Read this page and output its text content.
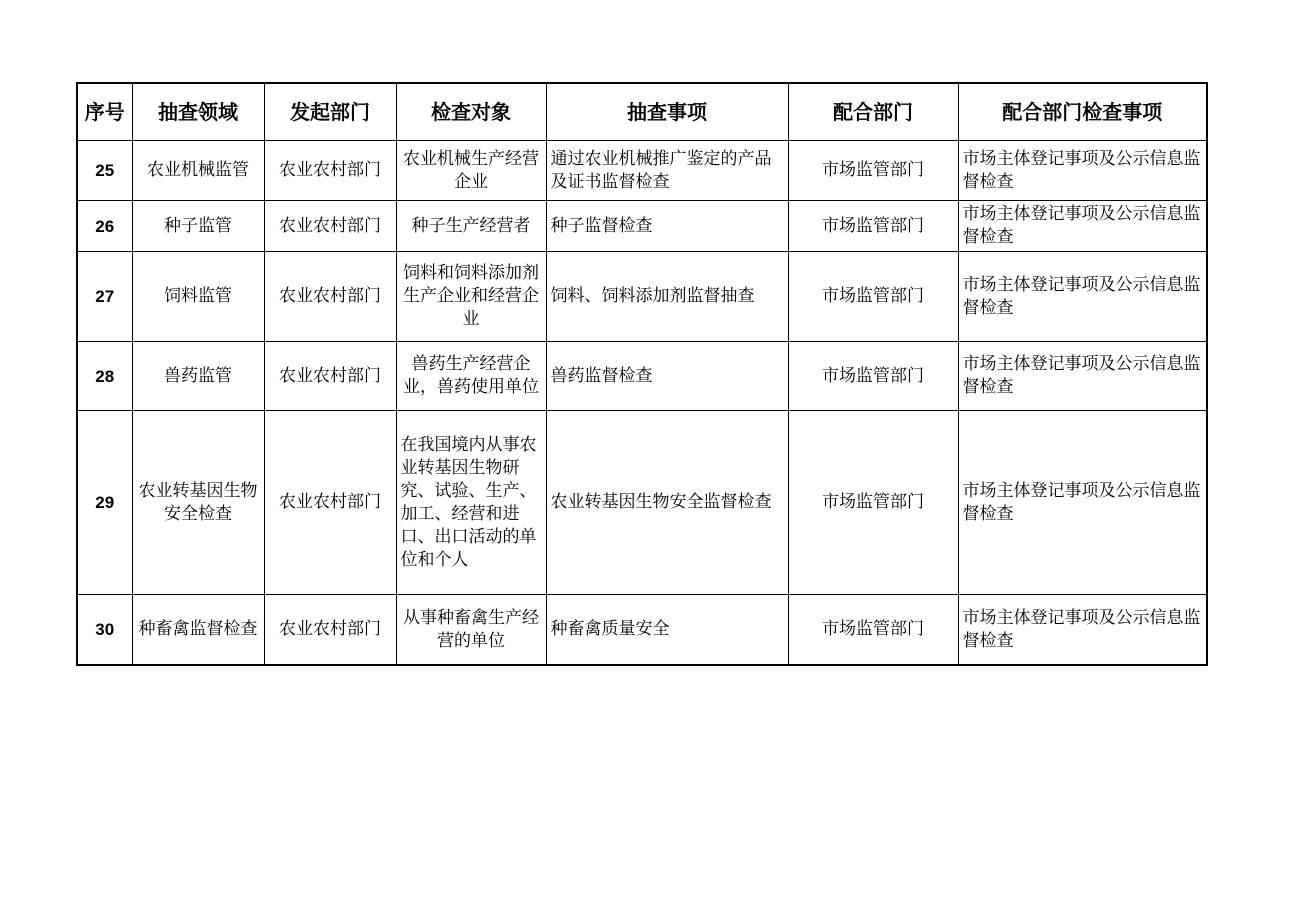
序号	抽查领域	发起部门	检查对象	抽查事项	配合部门	配合部门检查事项
25	农业机械监管	农业农村部门	农业机械生产经营企业	通过农业机械推广鉴定的产品及证书监督检查	市场监管部门	市场主体登记事项及公示信息监督检查
26	种子监管	农业农村部门	种子生产经营者	种子监督检查	市场监管部门	市场主体登记事项及公示信息监督检查
27	饲料监管	农业农村部门	饲料和饲料添加剂生产企业和经营企业	饲料、饲料添加剂监督抽查	市场监管部门	市场主体登记事项及公示信息监督检查
28	兽药监管	农业农村部门	兽药生产经营企业，兽药使用单位	兽药监督检查	市场监管部门	市场主体登记事项及公示信息监督检查
29	农业转基因生物安全检查	农业农村部门	在我国境内从事农业转基因生物研究、试验、生产、加工、经营和进口、出口活动的单位和个人	农业转基因生物安全监督检查	市场监管部门	市场主体登记事项及公示信息监督检查
30	种畜禽监督检查	农业农村部门	从事种畜禽生产经营的单位	种畜禽质量安全	市场监管部门	市场主体登记事项及公示信息监督检查
